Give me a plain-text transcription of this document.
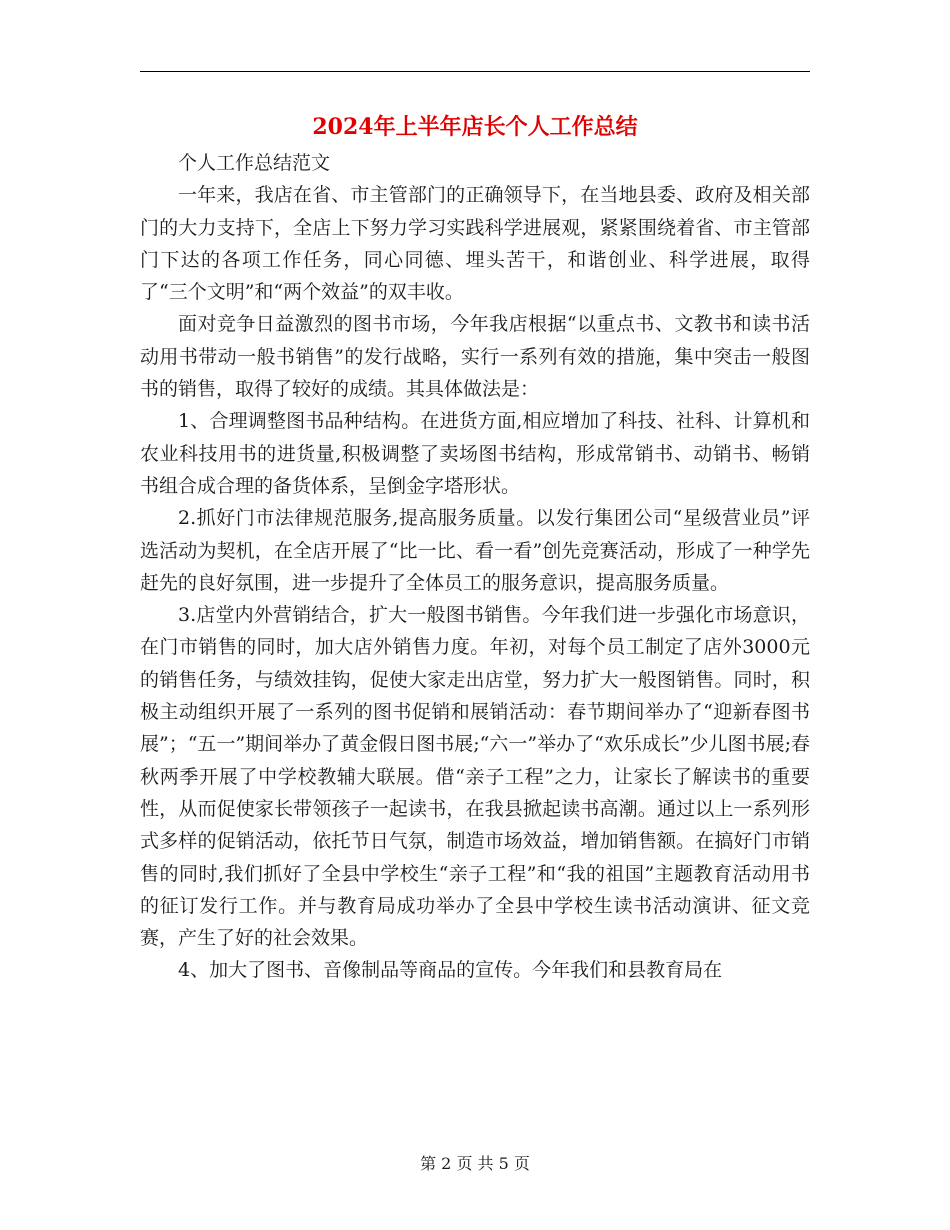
2024年上半年店长个人工作总结

个人工作总结范文

一年来，我店在省、市主管部门的正确领导下，在当地县委、政府及相关部门的大力支持下，全店上下努力学习实践科学进展观，紧紧围绕着省、市主管部门下达的各项工作任务，同心同德、埋头苦干，和谐创业、科学进展，取得了“三个文明”和“两个效益”的双丰收。

面对竞争日益激烈的图书市场，今年我店根据“以重点书、文教书和读书活动用书带动一般书销售”的发行战略，实行一系列有效的措施，集中突击一般图书的销售，取得了较好的成绩。其具体做法是：

1、合理调整图书品种结构。在进货方面,相应增加了科技、社科、计算机和农业科技用书的进货量,积极调整了卖场图书结构，形成常销书、动销书、畅销书组合成合理的备货体系，呈倒金字塔形状。

2.抓好门市法律规范服务,提高服务质量。以发行集团公司“星级营业员”评选活动为契机，在全店开展了“比一比、看一看”创先竞赛活动，形成了一种学先赶先的良好氛围，进一步提升了全体员工的服务意识，提高服务质量。

3.店堂内外营销结合，扩大一般图书销售。今年我们进一步强化市场意识，在门市销售的同时，加大店外销售力度。年初，对每个员工制定了店外3000元的销售任务，与绩效挂钩，促使大家走出店堂，努力扩大一般图销售。同时，积极主动组织开展了一系列的图书促销和展销活动：春节期间举办了“迎新春图书展”；“五一”期间举办了黄金假日图书展;“六一”举办了“欢乐成长”少儿图书展;春秋两季开展了中学校教辅大联展。借“亲子工程”之力，让家长了解读书的重要性，从而促使家长带领孩子一起读书，在我县掀起读书高潮。通过以上一系列形式多样的促销活动，依托节日气氛，制造市场效益，增加销售额。在搞好门市销售的同时,我们抓好了全县中学校生“亲子工程”和“我的祖国”主题教育活动用书的征订发行工作。并与教育局成功举办了全县中学校生读书活动演讲、征文竞赛，产生了好的社会效果。

4、加大了图书、音像制品等商品的宣传。今年我们和县教育局在

第 2 页 共 5 页
